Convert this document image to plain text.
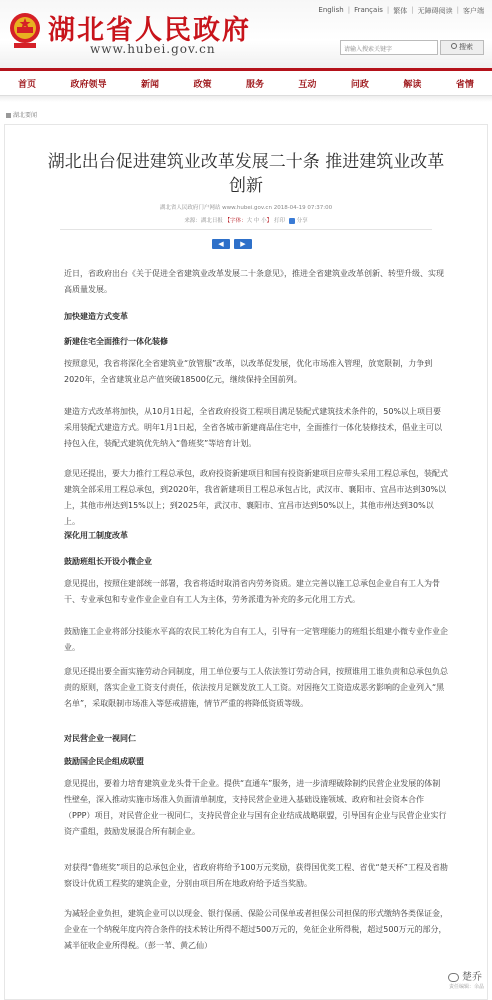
湖北省人民政府
www.hubei.gov.cn
English | Français | 繁体 | 无障碍阅读 | 客户端
请输入搜索关键字	搜索
首页	政府领导	新闻	政策	服务	互动	问政	解读	省情
湖北要闻
湖北出台促进建筑业改革发展二十条 推进建筑业改革创新
湖北省人民政府门户网站 www.hubei.gov.cn 2018-04-19 07:37:00
来源：湖北日报 【字体：大 中 小】 打印 分享
◀	▶
近日，省政府出台《关于促进全省建筑业改革发展二十条意见》，推进全省建筑业改革创新、转型升级、实现高质量发展。
加快建造方式变革
新建住宅全面推行一体化装修
按照意见，我省将深化全省建筑业“放管服”改革，以改革促发展，优化市场准入管理，放宽限制，力争到2020年，全省建筑业总产值突破18500亿元，继续保持全国前列。
建造方式改革将加快，从10月1日起，全省政府投资工程项目满足装配式建筑技术条件的，50%以上项目要采用装配式建造方式。明年1月1日起，全省各城市新建商品住宅中，全面推行一体化装修技术，倡业主可以持包入住，装配式建筑优先纳入“鲁班奖”等培育计划。
意见还提出，要大力推行工程总承包，政府投资新建项目和国有投资新建项目应带头采用工程总承包，装配式建筑全部采用工程总承包，到2020年，我省新建项目工程总承包占比，武汉市、襄阳市、宜昌市达到30%以上，其他市州达到15%以上；到2025年，武汉市、襄阳市、宜昌市达到50%以上，其他市州达到30%以上。
深化用工制度改革
鼓励班组长开设小微企业
意见提出，按照住建部统一部署，我省将适时取消省内劳务资质。建立完善以施工总承包企业自有工人为骨干、专业承包和专业作业企业自有工人为主体，劳务派遣为补充的多元化用工方式。
鼓励施工企业将部分技能水平高的农民工转化为自有工人，引导有一定管理能力的班组长组建小微专业作业企业。
意见还提出要全面实施劳动合同制度，用工单位要与工人依法签订劳动合同，按照谁用工谁负责和总承包负总责的原则，落实企业工资支付责任，依法按月足额发放工人工资。对因拖欠工资造成恶劣影响的企业列入“黑名单”，采取限制市场准入等惩戒措施，情节严重的将降低资质等级。
对民营企业一视同仁
鼓励国企民企组成联盟
意见提出，要着力培育建筑业龙头骨干企业。提供“直通车”服务，进一步清理破除制约民营企业发展的体制性壁垒，深入推动实施市场准入负面清单制度，支持民营企业进入基础设施领域、政府和社会资本合作（PPP）项目，对民营企业一视同仁，支持民营企业与国有企业结成战略联盟，引导国有企业与民营企业实行资产重组，鼓励发展混合所有制企业。
对获得“鲁班奖”项目的总承包企业，省政府将给予100万元奖励，获得国优奖工程、省优“楚天杯”工程及省勘察设计优质工程奖的建筑企业，分别由项目所在地政府给予适当奖励。
为减轻企业负担，建筑企业可以以现金、银行保函、保险公司保单或者担保公司担保的形式缴纳各类保证金，企业在一个纳税年度内符合条件的技术转让所得不超过500万元的，免征企业所得税，超过500万元的部分，减半征收企业所得税。（彭一苇、黄乙仙）
楚乔
责任编辑：余晶
